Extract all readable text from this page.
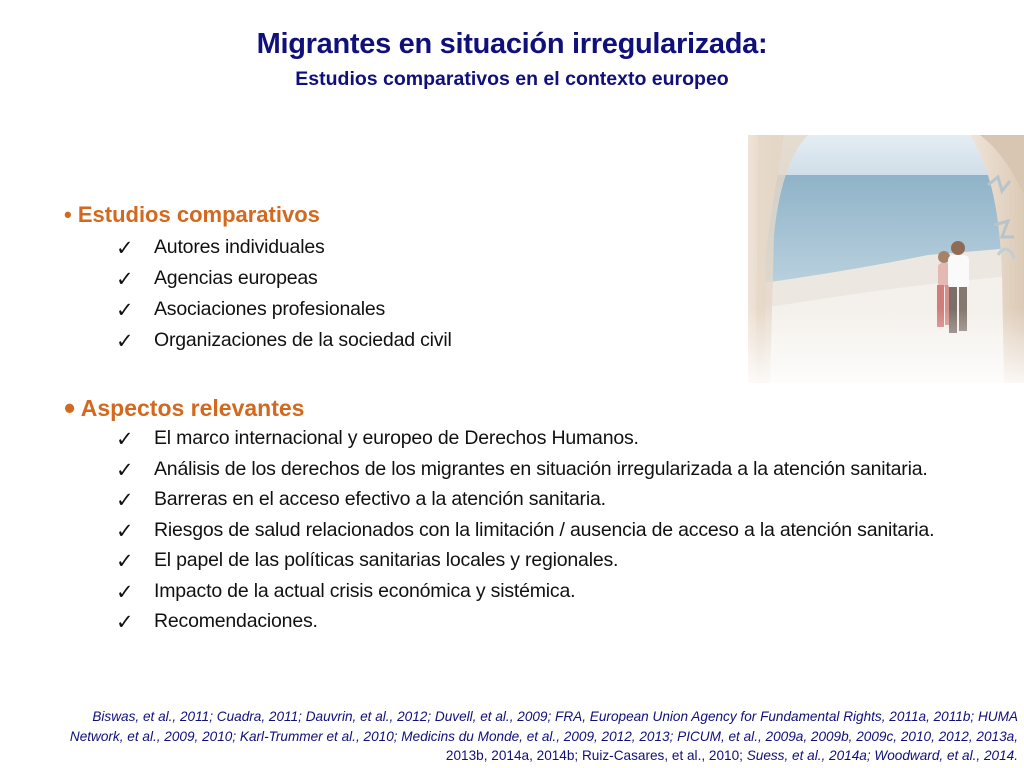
Migrantes en situación irregularizada:
Estudios comparativos en el contexto europeo
• Estudios comparativos
✓	Autores individuales
✓	Agencias europeas
✓	Asociaciones profesionales
✓	Organizaciones de la sociedad civil
• Aspectos relevantes
✓	El marco internacional y europeo de Derechos Humanos.
✓	Análisis de los derechos de los migrantes en situación irregularizada a la atención sanitaria.
✓	Barreras en el acceso efectivo a la atención sanitaria.
✓	Riesgos de salud relacionados con la limitación / ausencia de acceso a la atención sanitaria.
✓	El papel de las políticas sanitarias locales y regionales.
✓	Impacto de la actual crisis económica y sistémica.
✓	Recomendaciones.
Biswas, et al., 2011; Cuadra, 2011; Dauvrin, et al., 2012; Duvell, et al., 2009; FRA, European Union Agency for Fundamental Rights, 2011a, 2011b; HUMA
Network, et al., 2009, 2010; Karl-Trummer et al., 2010; Medicins du Monde, et al., 2009, 2012, 2013; PICUM, et al., 2009a, 2009b, 2009c, 2010, 2012, 2013a,
2013b, 2014a, 2014b; Ruiz-Casares, et al., 2010; Suess, et al., 2014a; Woodward, et al., 2014.
